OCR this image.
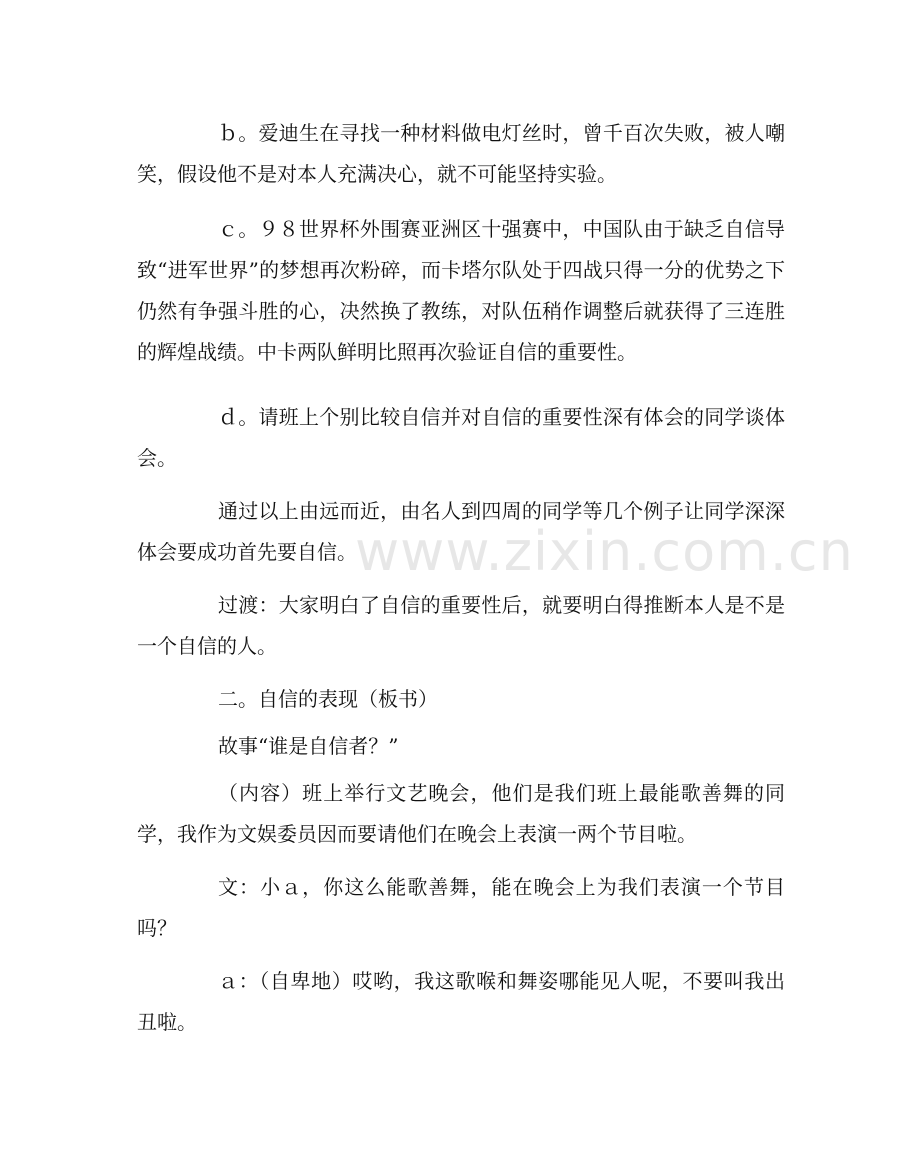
ｂ。爱迪生在寻找一种材料做电灯丝时，曾千百次失败，被人嘲笑，假设他不是对本人充满决心，就不可能坚持实验。

ｃ。９８世界杯外围赛亚洲区十强赛中，中国队由于缺乏自信导致“进军世界”的梦想再次粉碎，而卡塔尔队处于四战只得一分的优势之下仍然有争强斗胜的心，决然换了教练，对队伍稍作调整后就获得了三连胜的辉煌战绩。中卡两队鲜明比照再次验证自信的重要性。

ｄ。请班上个别比较自信并对自信的重要性深有体会的同学谈体会。

通过以上由远而近，由名人到四周的同学等几个例子让同学深深体会要成功首先要自信。

过渡：大家明白了自信的重要性后，就要明白得推断本人是不是一个自信的人。

二。自信的表现（板书）

故事“谁是自信者？”

（内容）班上举行文艺晚会，他们是我们班上最能歌善舞的同学，我作为文娱委员因而要请他们在晚会上表演一两个节目啦。

文：小ａ，你这么能歌善舞，能在晚会上为我们表演一个节目吗？

ａ：（自卑地）哎哟，我这歌喉和舞姿哪能见人呢，不要叫我出丑啦。

www.zixin.com.cn
